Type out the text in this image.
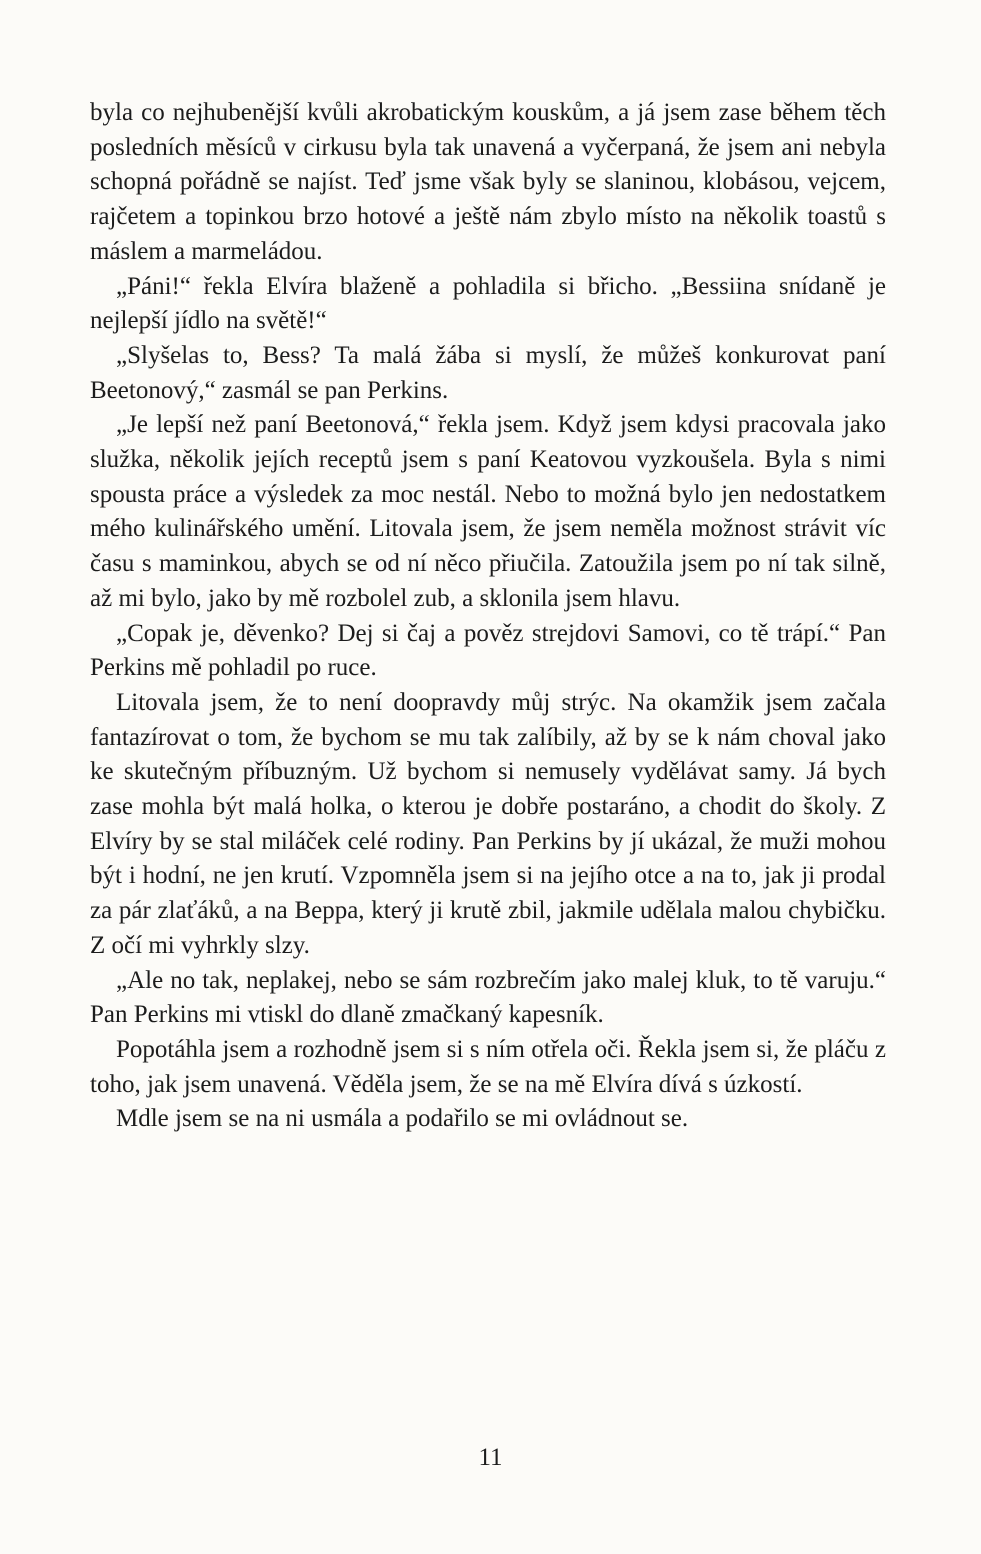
byla co nejhubenější kvůli akrobatickým kouskům, a já jsem zase během těch posledních měsíců v cirkusu byla tak unavená a vyčerpaná, že jsem ani nebyla schopná pořádně se najíst. Teď jsme však byly se slaninou, klobásou, vejcem, rajčetem a topinkou brzo hotové a ještě nám zbylo místo na několik toastů s máslem a marmeládou.

„Páni!“ řekla Elvíra blaženě a pohladila si břicho. „Bessiina snídaně je nejlepší jídlo na světě!“

„Slyšelas to, Bess? Ta malá žába si myslí, že můžeš konkurovat paní Beetonový,“ zasmál se pan Perkins.

„Je lepší než paní Beetonová,“ řekla jsem. Když jsem kdysi pracovala jako služka, několik jejích receptů jsem s paní Keatovou vyzkoušela. Byla s nimi spousta práce a výsledek za moc nestál. Nebo to možná bylo jen nedostatkem mého kulinářského umění. Litovala jsem, že jsem neměla možnost strávit víc času s maminkou, abych se od ní něco přiučila. Zatoužila jsem po ní tak silně, až mi bylo, jako by mě rozbolel zub, a sklonila jsem hlavu.

„Copak je, děvenko? Dej si čaj a pověz strejdovi Samovi, co tě trápí.“ Pan Perkins mě pohladil po ruce.

Litovala jsem, že to není doopravdy můj strýc. Na okamžik jsem začala fantazírovat o tom, že bychom se mu tak zalíbily, až by se k nám choval jako ke skutečným příbuzným. Už bychom si nemusely vydělávat samy. Já bych zase mohla být malá holka, o kterou je dobře postaráno, a chodit do školy. Z Elvíry by se stal miláček celé rodiny. Pan Perkins by jí ukázal, že muži mohou být i hodní, ne jen krutí. Vzpomněla jsem si na jejího otce a na to, jak ji prodal za pár zlaťáků, a na Beppa, který ji krutě zbil, jakmile udělala malou chybičku. Z očí mi vyhrkly slzy.

„Ale no tak, neplakej, nebo se sám rozbrečím jako malej kluk, to tě varuju.“ Pan Perkins mi vtiskl do dlaně zmačkaný kapesník.

Popotáhla jsem a rozhodně jsem si s ním otřela oči. Řekla jsem si, že pláču z toho, jak jsem unavená. Věděla jsem, že se na mě Elvíra dívá s úzkostí.

Mdle jsem se na ni usmála a podařilo se mi ovládnout se.

11
